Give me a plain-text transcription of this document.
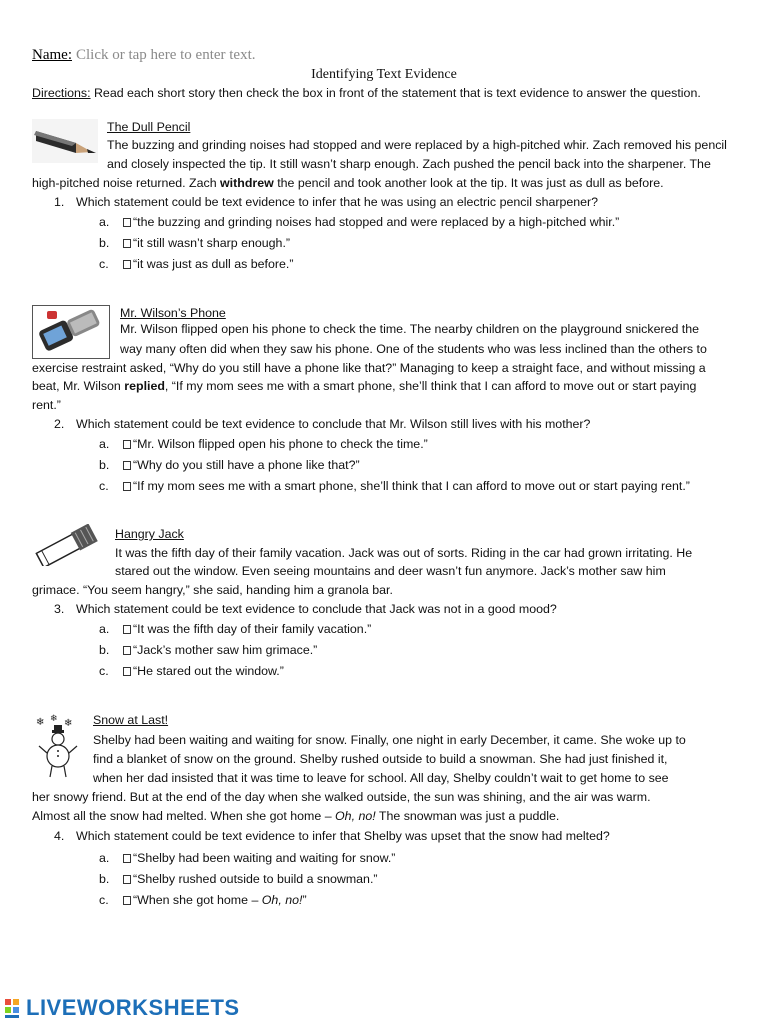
Name: Click or tap here to enter text.
Identifying Text Evidence
Directions: Read each short story then check the box in front of the statement that is text evidence to answer the question.
The Dull Pencil
The buzzing and grinding noises had stopped and were replaced by a high-pitched whir. Zach removed his pencil
and closely inspected the tip. It still wasn’t sharp enough. Zach pushed the pencil back into the sharpener. The
high-pitched noise returned. Zach withdrew the pencil and took another look at the tip. It was just as dull as before.
1. Which statement could be text evidence to infer that he was using an electric pencil sharpener?
a. “the buzzing and grinding noises had stopped and were replaced by a high-pitched whir.”
b. “it still wasn’t sharp enough.”
c. “it was just as dull as before.”
Mr. Wilson’s Phone
Mr. Wilson flipped open his phone to check the time. The nearby children on the playground snickered the
way many often did when they saw his phone. One of the students who was less inclined than the others to
exercise restraint asked, “Why do you still have a phone like that?” Managing to keep a straight face, and without missing a
beat, Mr. Wilson replied, “If my mom sees me with a smart phone, she’ll think that I can afford to move out or start paying
rent.”
2. Which statement could be text evidence to conclude that Mr. Wilson still lives with his mother?
a. “Mr. Wilson flipped open his phone to check the time.”
b. “Why do you still have a phone like that?”
c. “If my mom sees me with a smart phone, she’ll think that I can afford to move out or start paying rent.”
Hangry Jack
It was the fifth day of their family vacation. Jack was out of sorts. Riding in the car had grown irritating. He
stared out the window. Even seeing mountains and deer wasn’t fun anymore. Jack’s mother saw him
grimace. “You seem hangry,” she said, handing him a granola bar.
3. Which statement could be text evidence to conclude that Jack was not in a good mood?
a. “It was the fifth day of their family vacation.”
b. “Jack’s mother saw him grimace.”
c. “He stared out the window.”
❄ ❄ ❄ Snow at Last!
Shelby had been waiting and waiting for snow. Finally, one night in early December, it came. She woke up to
find a blanket of snow on the ground. Shelby rushed outside to build a snowman. She had just finished it,
when her dad insisted that it was time to leave for school. All day, Shelby couldn’t wait to get home to see
her snowy friend. But at the end of the day when she walked outside, the sun was shining, and the air was warm.
Almost all the snow had melted. When she got home – Oh, no! The snowman was just a puddle.
4. Which statement could be text evidence to infer that Shelby was upset that the snow had melted?
a. “Shelby had been waiting and waiting for snow.”
b. “Shelby rushed outside to build a snowman.”
c. “When she got home – Oh, no!”
LIVEWORKSHEETS
